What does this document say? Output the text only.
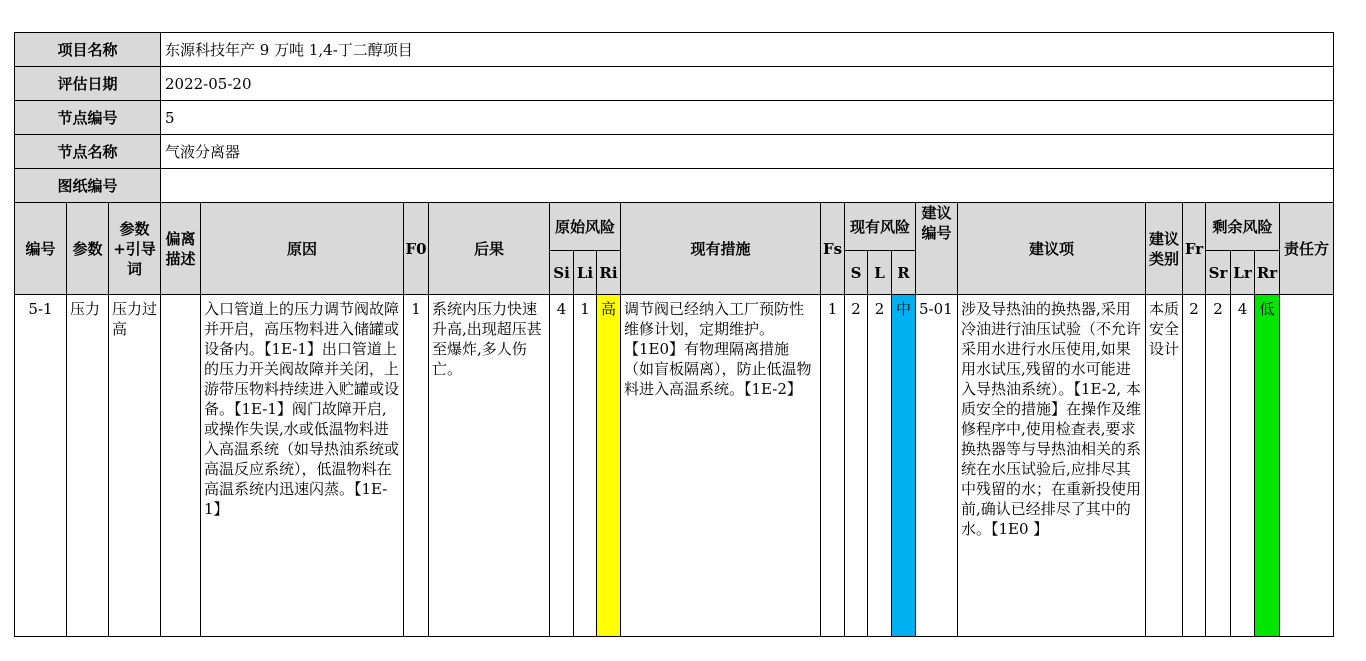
项目名称			东源科技年产 9 万吨 1,4-丁二醇项目																			
评估日期			2022-05-20																			
节点编号			5																			
节点名称			气液分离器																			
图纸编号																						
编号	参数	参数+引导词	偏离描述	原因	F0	后果	原始风险			现有措施	Fs	现有风险			建议编号	建议项	建议类别	Fr	剩余风险			责任方
							Si	Li	Ri			S	L	R					Sr	Lr	Rr	
5-1	压力	压力过高		入口管道上的压力调节阀故障并开启，高压物料进入储罐或设备内。【1E-1】出口管道上的压力开关阀故障并关闭，上游带压物料持续进入贮罐或设备。【1E-1】阀门故障开启, 或操作失误,水或低温物料进入高温系统（如导热油系统或高温反应系统），低温物料在高温系统内迅速闪蒸。【1E-1】	1	系统内压力快速升高,出现超压甚至爆炸,多人伤亡。	4	1	高	调节阀已经纳入工厂预防性维修计划，定期维护。【1E0】有物理隔离措施（如盲板隔离），防止低温物料进入高温系统。【1E-2】	1	2	2	中	5-01	涉及导热油的换热器,采用冷油进行油压试验（不允许采用水进行水压使用,如果用水试压,残留的水可能进入导热油系统）。【1E-2, 本质安全的措施】在操作及维修程序中,使用检查表,要求换热器等与导热油相关的系统在水压试验后,应排尽其中残留的水；在重新投使用前,确认已经排尽了其中的水。【1E0 】	本质安全设计	2	2	4	低	
